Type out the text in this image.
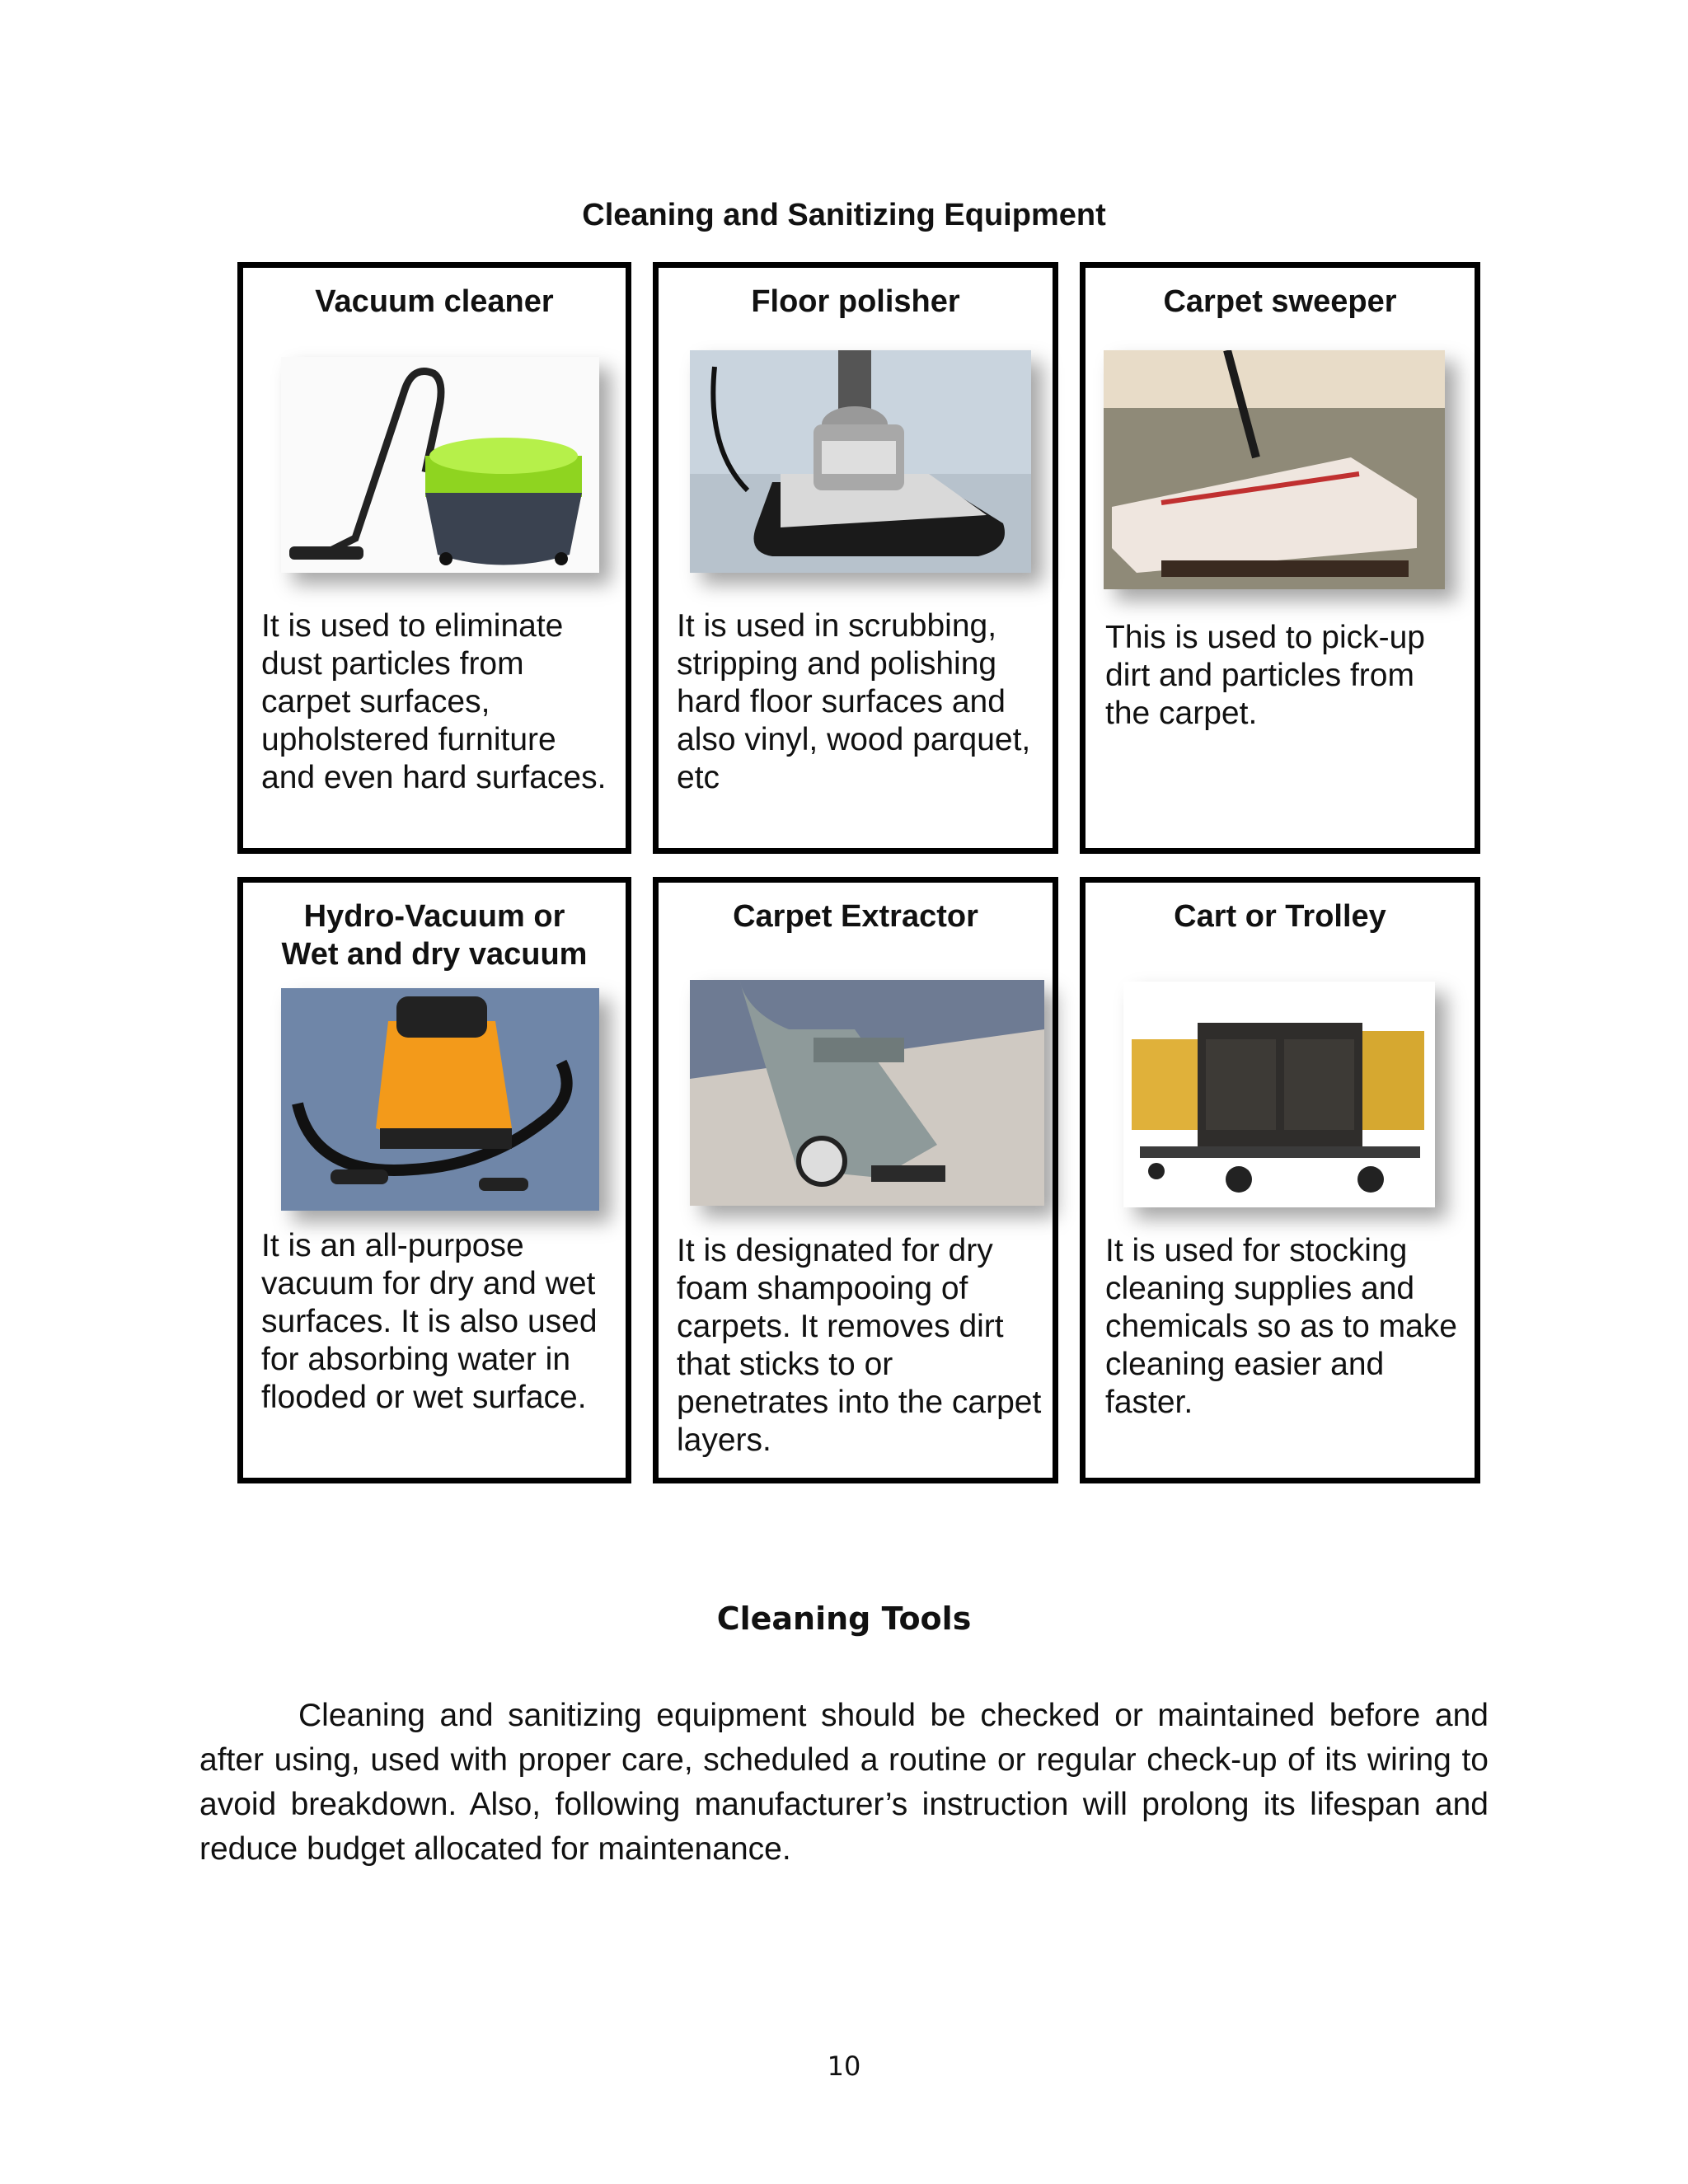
Cleaning and Sanitizing Equipment
Vacuum cleaner
It is used to eliminate dust particles from carpet surfaces, upholstered furniture and even hard surfaces.
Floor polisher
It is used in scrubbing, stripping and polishing hard floor surfaces and also vinyl, wood parquet, etc
Carpet sweeper
This is used to pick-up dirt and particles from the carpet.
Hydro-Vacuum or Wet and dry vacuum
It is an all-purpose vacuum for dry and wet surfaces. It is also used for absorbing water in flooded or wet surface.
Carpet Extractor
It is designated for dry foam shampooing of carpets. It removes dirt that sticks to or penetrates into the carpet layers.
Cart or Trolley
It is used for stocking cleaning supplies and chemicals so as to make cleaning easier and faster.
Cleaning Tools
Cleaning and sanitizing equipment should be checked or maintained before and after using, used with proper care, scheduled a routine or regular check-up of its wiring to avoid breakdown. Also, following manufacturer’s instruction will prolong its lifespan and reduce budget allocated for maintenance.
10
